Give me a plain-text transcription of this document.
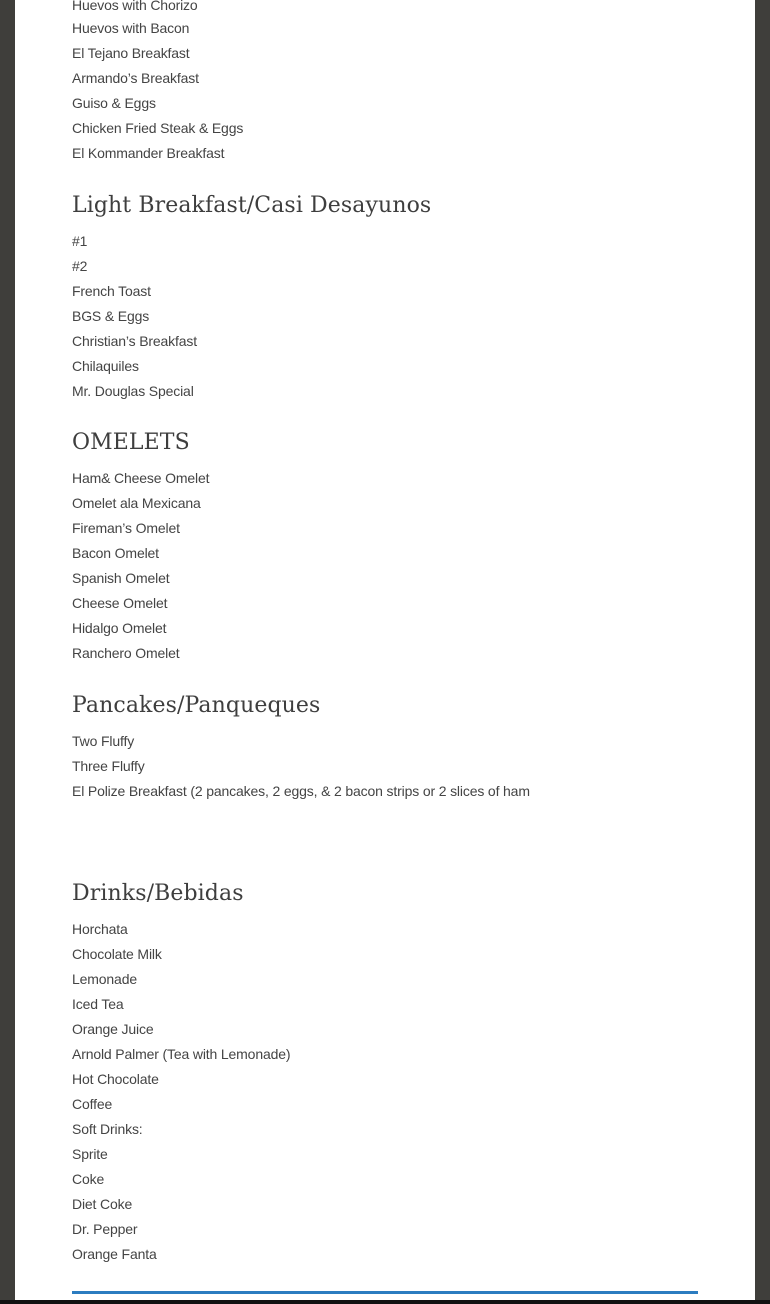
Huevos with Chorizo
Huevos with Bacon
El Tejano Breakfast
Armando’s Breakfast
Guiso & Eggs
Chicken Fried Steak & Eggs
El Kommander Breakfast
Light Breakfast/Casi Desayunos
#1
#2
French Toast
BGS & Eggs
Christian’s Breakfast
Chilaquiles
Mr. Douglas Special
OMELETS
Ham& Cheese Omelet
Omelet ala Mexicana
Fireman’s Omelet
Bacon Omelet
Spanish Omelet
Cheese Omelet
Hidalgo Omelet
Ranchero Omelet
Pancakes/Panqueques
Two Fluffy
Three Fluffy
El Polize Breakfast (2 pancakes, 2 eggs, & 2 bacon strips or 2 slices of ham
Drinks/Bebidas
Horchata
Chocolate Milk
Lemonade
Iced Tea
Orange Juice
Arnold Palmer (Tea with Lemonade)
Hot Chocolate
Coffee
Soft Drinks:
Sprite
Coke
Diet Coke
Dr. Pepper
Orange Fanta
